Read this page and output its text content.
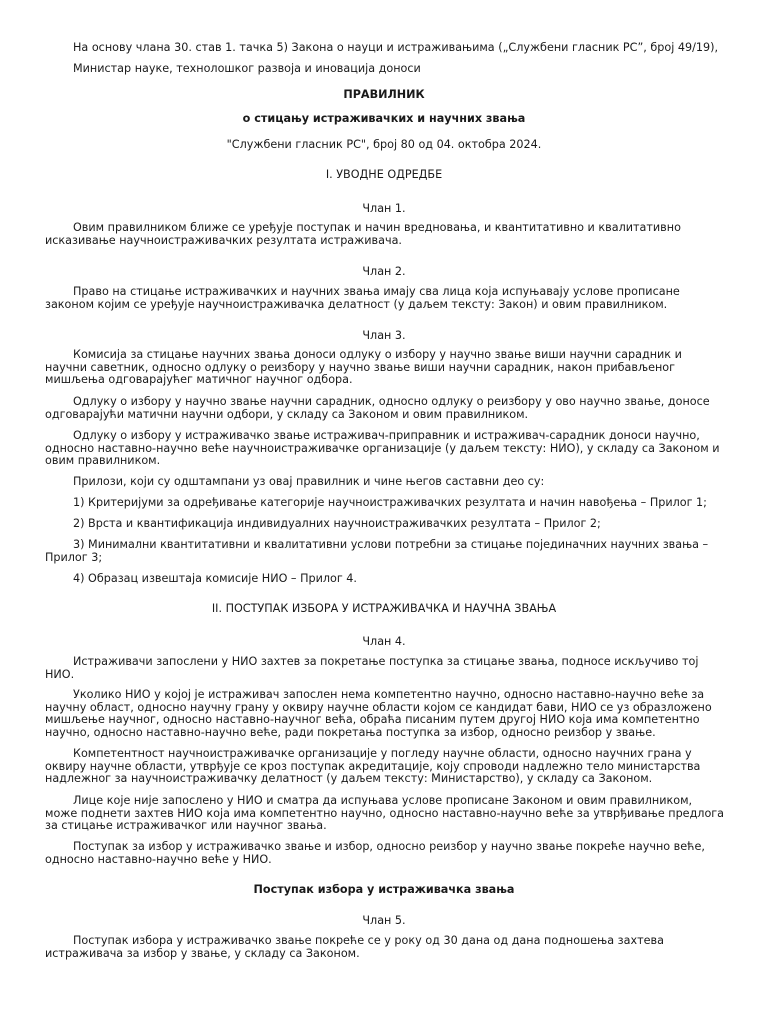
На основу члана 30. став 1. тачка 5) Закона о науци и истраживањима („Службени гласник РС”, број 49/19),

Министар науке, технолошког развоја и иновација доноси

ПРАВИЛНИК

о стицању истраживачких и научних звања

"Службени гласник РС", број 80 од 04. октобра 2024.

I. УВОДНЕ ОДРЕДБЕ

Члан 1.

Овим правилником ближе се уређује поступак и начин вредновања, и квантитативно и квалитативно исказивање научноистраживачких резултата истраживача.

Члан 2.

Право на стицање истраживачких и научних звања имају сва лица која испуњавају услове прописане законом којим се уређује научноистраживачка делатност (у даљем тексту: Закон) и овим правилником.

Члан 3.

Комисија за стицање научних звања доноси одлуку о избору у научно звање виши научни сарадник и научни саветник, односно одлуку о реизбору у научно звање виши научни сарадник, након прибављеног мишљења одговарајућег матичног научног одбора.

Одлуку о избору у научно звање научни сарадник, односно одлуку о реизбору у ово научно звање, доносе одговарајући матични научни одбори, у складу са Законом и овим правилником.

Одлуку о избору у истраживачко звање истраживач-приправник и истраживач-сарадник доноси научно, односно наставно-научно веће научноистраживачке организације (у даљем тексту: НИО), у складу са Законом и овим правилником.

Прилози, који су одштампани уз овај правилник и чине његов саставни део су:

1) Критеријуми за одређивање категорије научноистраживачких резултата и начин навођења – Прилог 1;

2) Врста и квантификација индивидуалних научноистраживачких резултата – Прилог 2;

3) Минимални квантитативни и квалитативни услови потребни за стицање појединачних научних звања – Прилог 3;

4) Образац извештаја комисије НИО – Прилог 4.

II. ПОСТУПАК ИЗБОРА У ИСТРАЖИВАЧКА И НАУЧНА ЗВАЊА

Члан 4.

Истраживачи запослени у НИО захтев за покретање поступка за стицање звања, подносе искључиво тој НИО.

Уколико НИО у којој је истраживач запослен нема компетентно научно, односно наставно-научно веће за научну област, односно научну грану у оквиру научне области којом се кандидат бави, НИО се уз образложено мишљење научног, односно наставно-научног већа, обраћа писаним путем другој НИО која има компетентно научно, односно наставно-научно веће, ради покретања поступка за избор, односно реизбор у звање.

Компетентност научноистраживачке организације у погледу научне области, односно научних грана у оквиру научне области, утврђује се кроз поступак акредитације, коју спроводи надлежно тело министарства надлежног за научноистраживачку делатност (у даљем тексту: Министарство), у складу са Законом.

Лице које није запослено у НИО и сматра да испуњава услове прописане Законом и овим правилником, може поднети захтев НИО која има компетентно научно, односно наставно-научно веће за утврђивање предлога за стицање истраживачког или научног звања.

Поступак за избор у истраживачко звање и избор, односно реизбор у научно звање покреће научно веће, односно наставно-научно веће у НИО.

Поступак избора у истраживачка звања

Члан 5.

Поступак избора у истраживачко звање покреће се у року од 30 дана од дана подношења захтева истраживача за избор у звање, у складу са Законом.
